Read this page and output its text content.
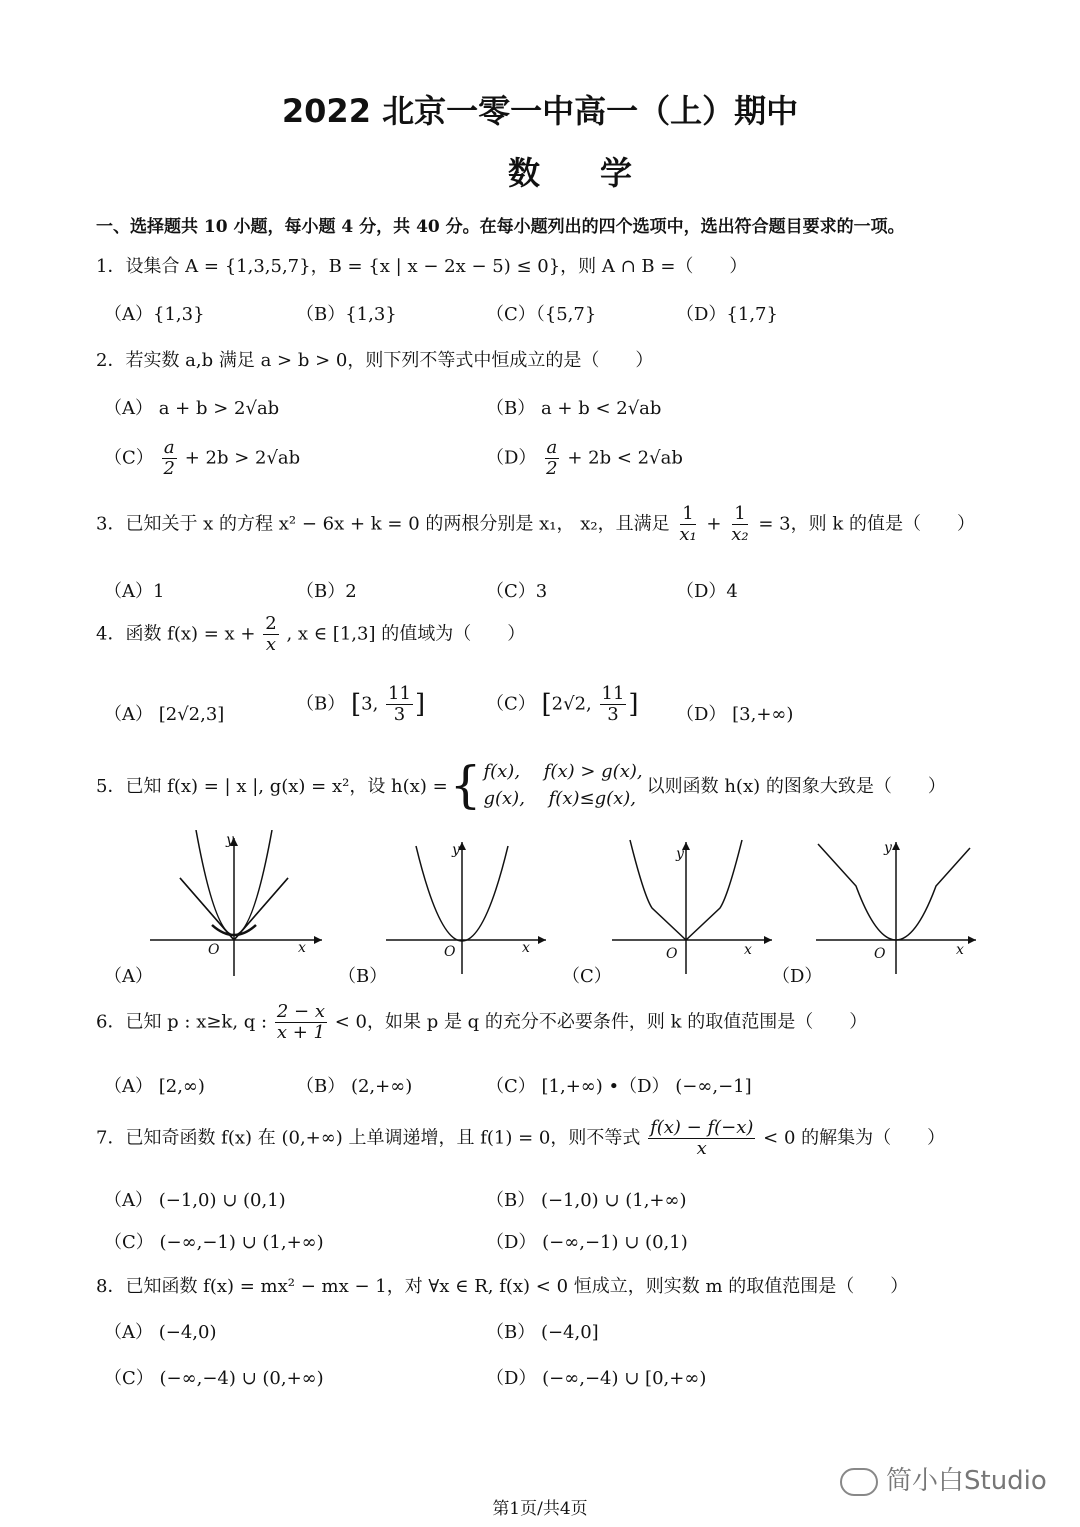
2022 北京一零一中高一（上）期中
数学
一、选择题共 10 小题，每小题 4 分，共 40 分。在每小题列出的四个选项中，选出符合题目要求的一项。
1．设集合 A = {1,3,5,7}，B = {x | x − 2x − 5) ≤ 0}，则 A ∩ B =（　　）
（A）{1,3}	（B）{1,3}	（C）（{5,7}	（D）{1,7}
2．若实数 a,b 满足 a > b > 0，则下列不等式中恒成立的是（　　）
（A） a + b > 2√ab	（B） a + b < 2√ab
$(C) \frac{a}{2} + 2b > 2√ab$	$(D) \frac{a}{2} + 2b < 2√ab$
3．已知关于 x 的方程 x² − 6x + k = 0 的两根分别是 x₁， x₂，且满足 $\frac{1}{\text{x₁}} + \frac{1}{\text{x₂}} = 3$，则 k 的值是（　　）
（A）1	（B）2	（C）3	（D）4
4．函数 $f(x) = x + \frac{2}{x}$ , x ∈ [1,3] 的值域为（　　）
（A） [2√2,3]
（B） [3, $\frac{11}{3}$ ]	（C） [2√2, $\frac{11}{3}$ ] （D） [3,+∞)
5．已知 f(x) = | x |, g(x) = x²，设 h(x) = { f(x),　 f(x) > g(x),
g(x),　 f(x)≤g(x),
以则函数 h(x) 的图象大致是（　　）
O	x
y
O	x
y
O	x
y
O	x
y
（A）	（B）	（C）	（D）
6．已知 p : x≥k, q : $\frac{2 - x}{x + 1} < 0$，如果 p 是 q 的充分不必要条件，则 k 的取值范围是（　　）
（A） [2,∞)	（B） (2,+∞)	（C） [1,+∞) •（D） (−∞,−1]
7．已知奇函数 f(x) 在 (0,+∞) 上单调递增，且 f(1) = 0，则不等式 $\frac{f(x) - f(-x)}{x} < 0$ 的解集为（　　）
（A） (−1,0) ∪ (0,1)	（B） (−1,0) ∪ (1,+∞)
（C） (−∞,−1) ∪ (1,+∞)	（D） (−∞,−1) ∪ (0,1)
8．已知函数 f(x) = mx² − mx − 1，对 ∀x ∈ R, f(x) < 0 恒成立，则实数 m 的取值范围是（　　）
（A） (−4,0)	（B） (−4,0]
（C） (−∞,−4) ∪ (0,+∞)	（D） (−∞,−4) ∪ [0,+∞)
简小白Studio
第1页/共4页
